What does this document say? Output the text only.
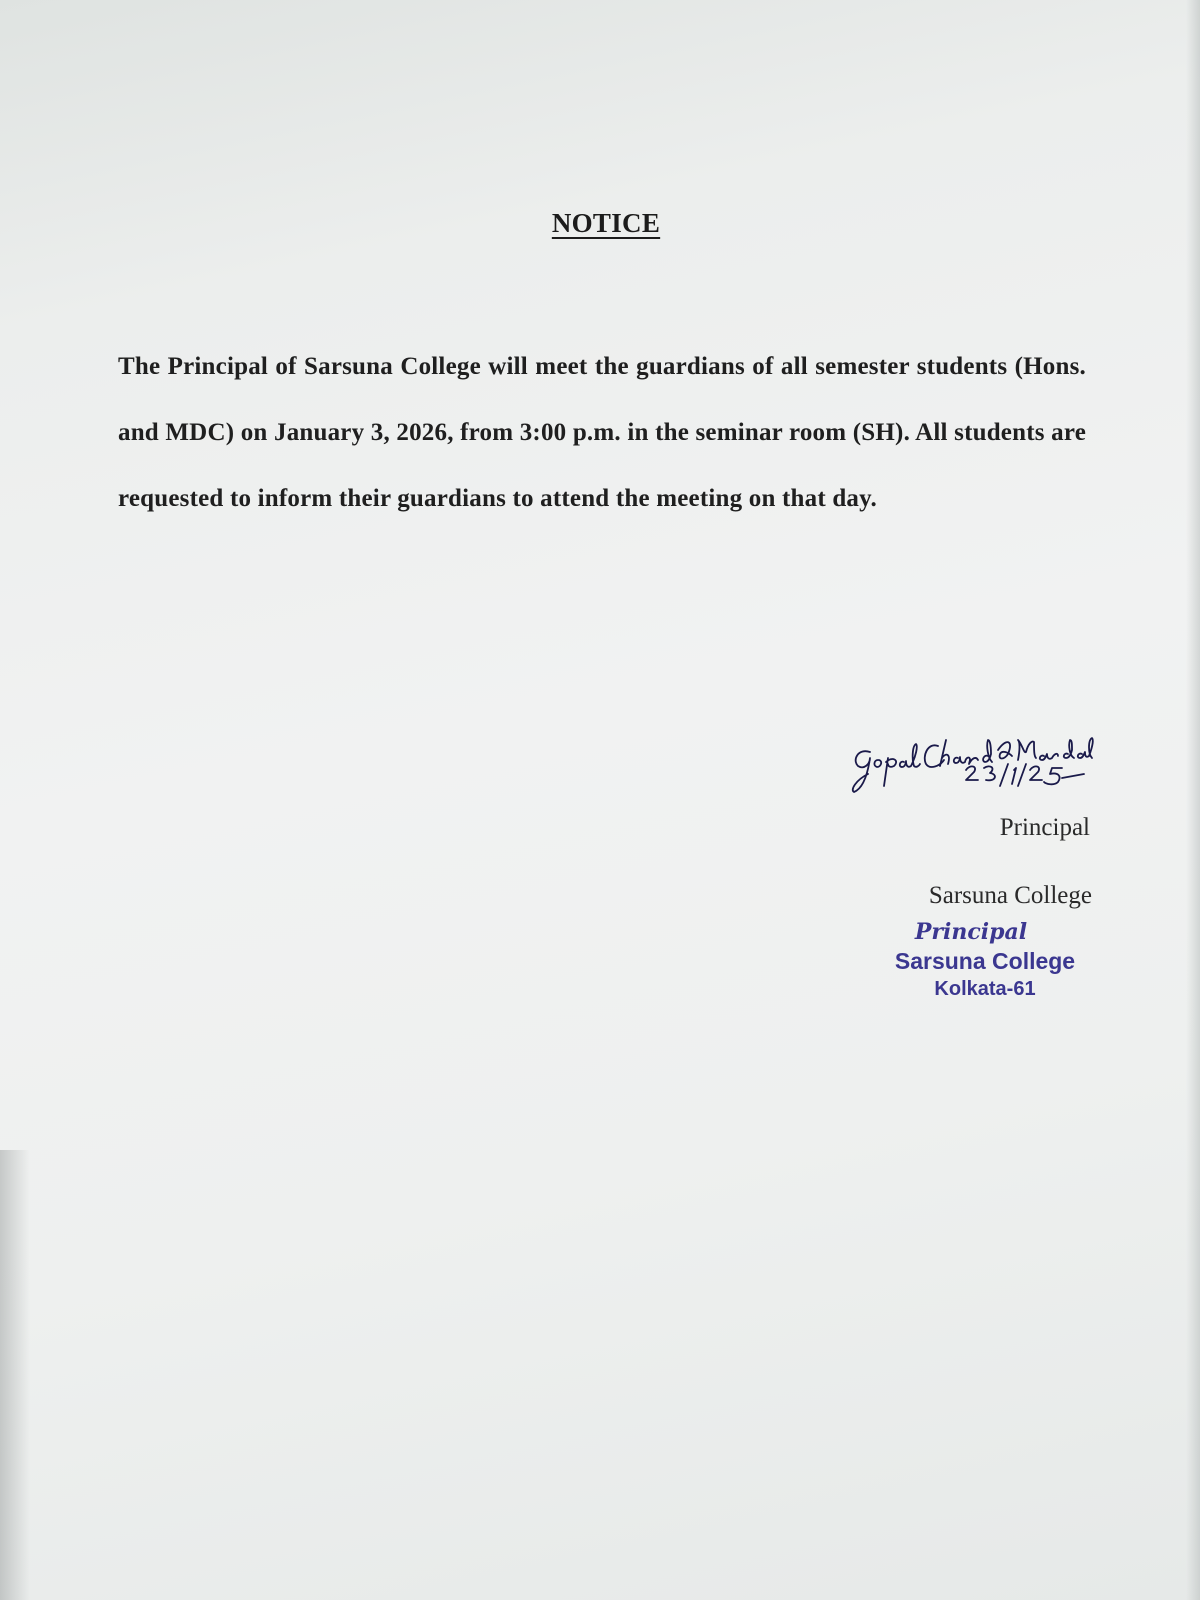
NOTICE
The Principal of Sarsuna College will meet the guardians of all semester students (Hons. and MDC) on January 3, 2026, from 3:00 p.m. in the seminar room (SH). All students are requested to inform their guardians to attend the meeting on that day.
Principal
Sarsuna College
Principal
Sarsuna College
Kolkata-61
